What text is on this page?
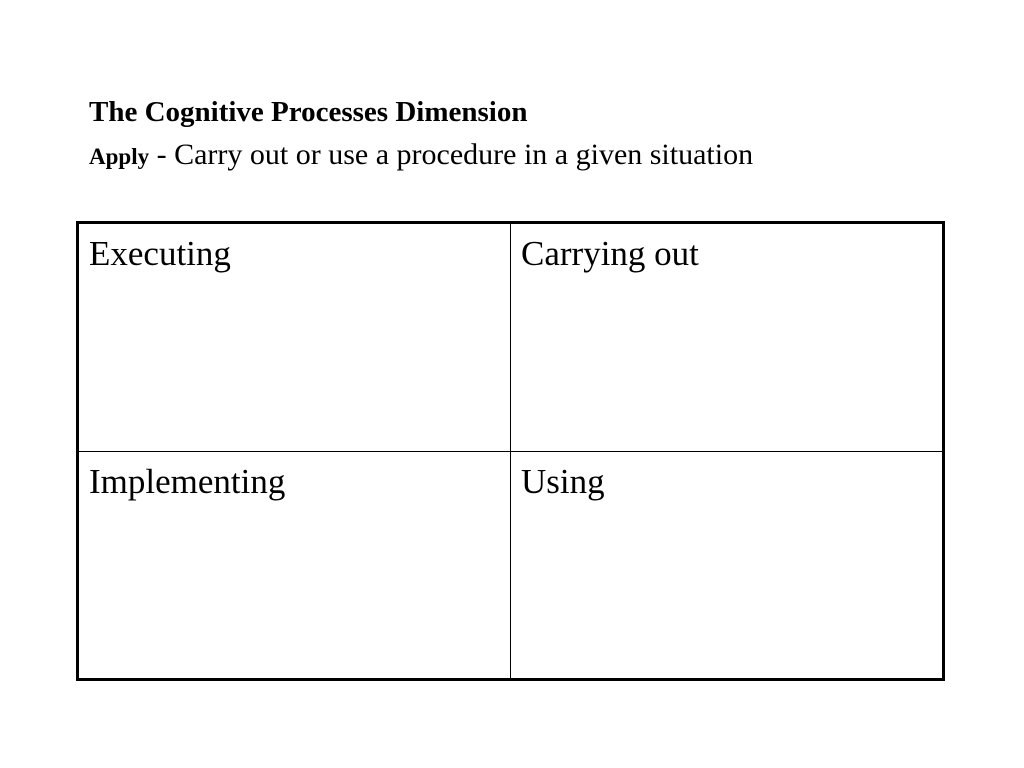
The Cognitive Processes Dimension
Apply - Carry out or use a procedure in a given situation
Executing	Carrying out
Implementing	Using
